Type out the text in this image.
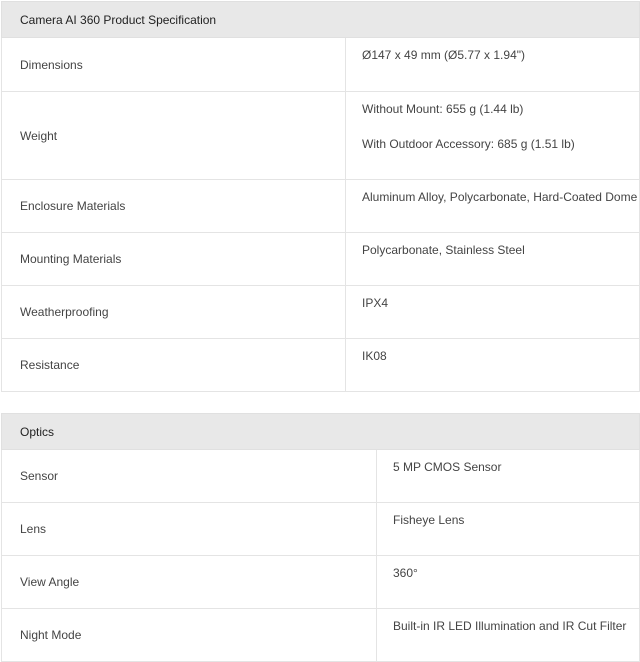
Camera AI 360 Product Specification	
Dimensions	Ø147 x 49 mm (Ø5.77 x 1.94")

Weight	Without Mount: 655 g (1.44 lb)
With Outdoor Accessory: 685 g (1.51 lb)

Enclosure Materials	Aluminum Alloy, Polycarbonate, Hard-Coated Dome

Mounting Materials	Polycarbonate, Stainless Steel

Weatherproofing	IPX4

Resistance	IK08
Optics	
Sensor	5 MP CMOS Sensor

Lens	Fisheye Lens

View Angle	360°

Night Mode	Built-in IR LED Illumination and IR Cut Filter
